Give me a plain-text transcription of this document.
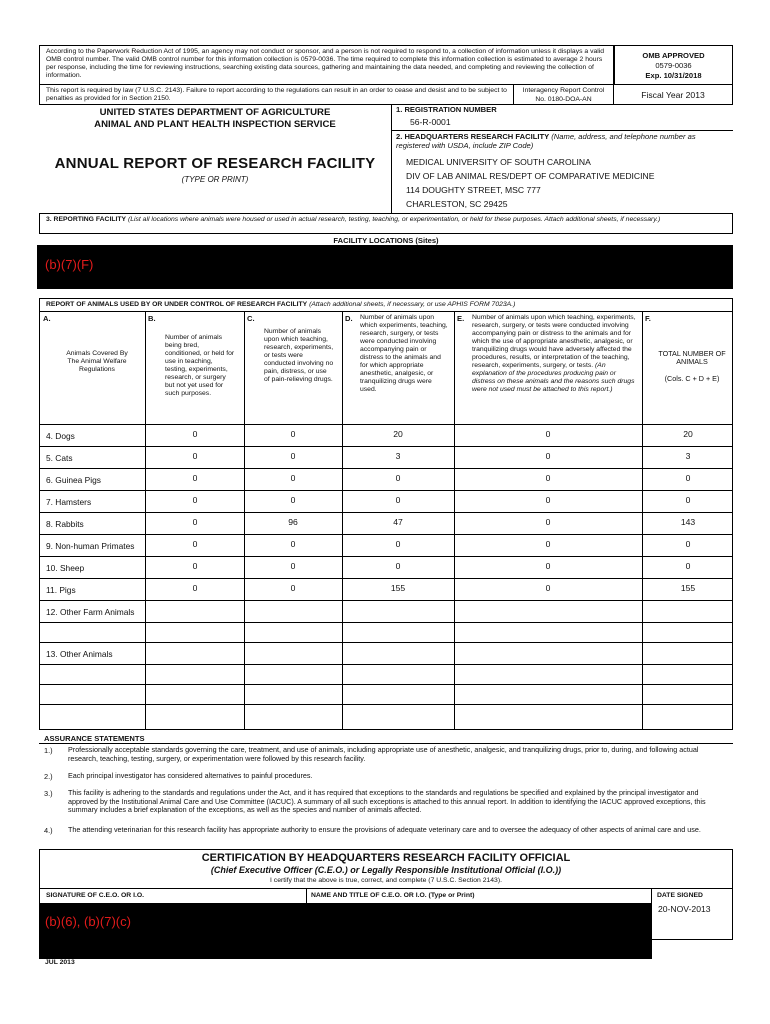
According to the Paperwork Reduction Act of 1995, an agency may not conduct or sponsor, and a person is not required to respond to, a collection of information unless it displays a valid OMB control number. The valid OMB control number for this information collection is 0579-0036. The time required to complete this information collection is estimated to average 2 hours per response, including the time for reviewing instructions, searching existing data sources, gathering and maintaining the data needed, and completing and reviewing the collection of information.
OMB APPROVED
0579-0036
Exp. 10/31/2018
This report is required by law (7 U.S.C. 2143). Failure to report according to the regulations can result in an order to cease and desist and to be subject to penalties as provided for in Section 2150.
Interagency Report Control
No. 0180-DOA-AN	Fiscal Year 2013
UNITED STATES DEPARTMENT OF AGRICULTURE
ANIMAL AND PLANT HEALTH INSPECTION SERVICE
ANNUAL REPORT OF RESEARCH FACILITY
(TYPE OR PRINT)
1. REGISTRATION NUMBER
56-R-0001
2. HEADQUARTERS RESEARCH FACILITY (Name, address, and telephone number as registered with USDA, include ZIP Code)
MEDICAL UNIVERSITY OF SOUTH CAROLINA
DIV OF LAB ANIMAL RES/DEPT OF COMPARATIVE MEDICINE
114 DOUGHTY STREET, MSC 777
CHARLESTON, SC 29425
3. REPORTING FACILITY (List all locations where animals were housed or used in actual research, testing, teaching, or experimentation, or held for these purposes. Attach additional sheets, if necessary.)
FACILITY LOCATIONS (Sites)
(b)(7)(F)
REPORT OF ANIMALS USED BY OR UNDER CONTROL OF RESEARCH FACILITY (Attach additional sheets, if necessary, or use APHIS FORM 7023A.)
A.	B.	C.	D.	E.	F.
Animals Covered By The Animal Welfare Regulations
Number of animals being bred, conditioned, or held for use in teaching, testing, experiments, research, or surgery but not yet used for such purposes.
Number of animals upon which teaching, research, experiments, or tests were conducted involving no pain, distress, or use of pain-relieving drugs.
Number of animals upon which experiments, teaching, research, surgery, or tests were conducted involving accompanying pain or distress to the animals and for which appropriate anesthetic, analgesic, or tranquilizing drugs were used.
Number of animals upon which teaching, experiments, research, surgery, or tests were conducted involving accompanying pain or distress to the animals and for which the use of appropriate anesthetic, analgesic, or tranquilizing drugs would have adversely affected the procedures, results, or interpretation of the teaching, research, experiments, surgery, or tests. (An explanation of the procedures producing pain or distress on these animals and the reasons such drugs were not used must be attached to this report.)
TOTAL NUMBER OF ANIMALS
(Cols. C + D + E)
4. Dogs	0	0	20	0	20
5. Cats	0	0	3	0	3
6. Guinea Pigs	0	0	0	0	0
7. Hamsters	0	0	0	0	0
8. Rabbits	0	96	47	0	143
9. Non-human Primates	0	0	0	0	0
10. Sheep	0	0	0	0	0
11. Pigs	0	0	155	0	155
12. Other Farm Animals
13. Other Animals
ASSURANCE STATEMENTS
1.) Professionally acceptable standards governing the care, treatment, and use of animals, including appropriate use of anesthetic, analgesic, and tranquilizing drugs, prior to, during, and following actual research, teaching, testing, surgery, or experimentation were followed by this research facility.
2.) Each principal investigator has considered alternatives to painful procedures.
3.) This facility is adhering to the standards and regulations under the Act, and it has required that exceptions to the standards and regulations be specified and explained by the principal investigator and approved by the Institutional Animal Care and Use Committee (IACUC). A summary of all such exceptions is attached to this annual report. In addition to identifying the IACUC approved exceptions, this summary includes a brief explanation of the exceptions, as well as the species and number of animals affected.
4.) The attending veterinarian for this research facility has appropriate authority to ensure the provisions of adequate veterinary care and to oversee the adequacy of other aspects of animal care and use.
CERTIFICATION BY HEADQUARTERS RESEARCH FACILITY OFFICIAL
(Chief Executive Officer (C.E.O.) or Legally Responsible Institutional Official (I.O.))
I certify that the above is true, correct, and complete (7 U.S.C. Section 2143).
SIGNATURE OF C.E.O. OR I.O.	NAME AND TITLE OF C.E.O. OR I.O. (Type or Print)	DATE SIGNED
20-NOV-2013
(b)(6), (b)(7)(c)
JUL 2013
